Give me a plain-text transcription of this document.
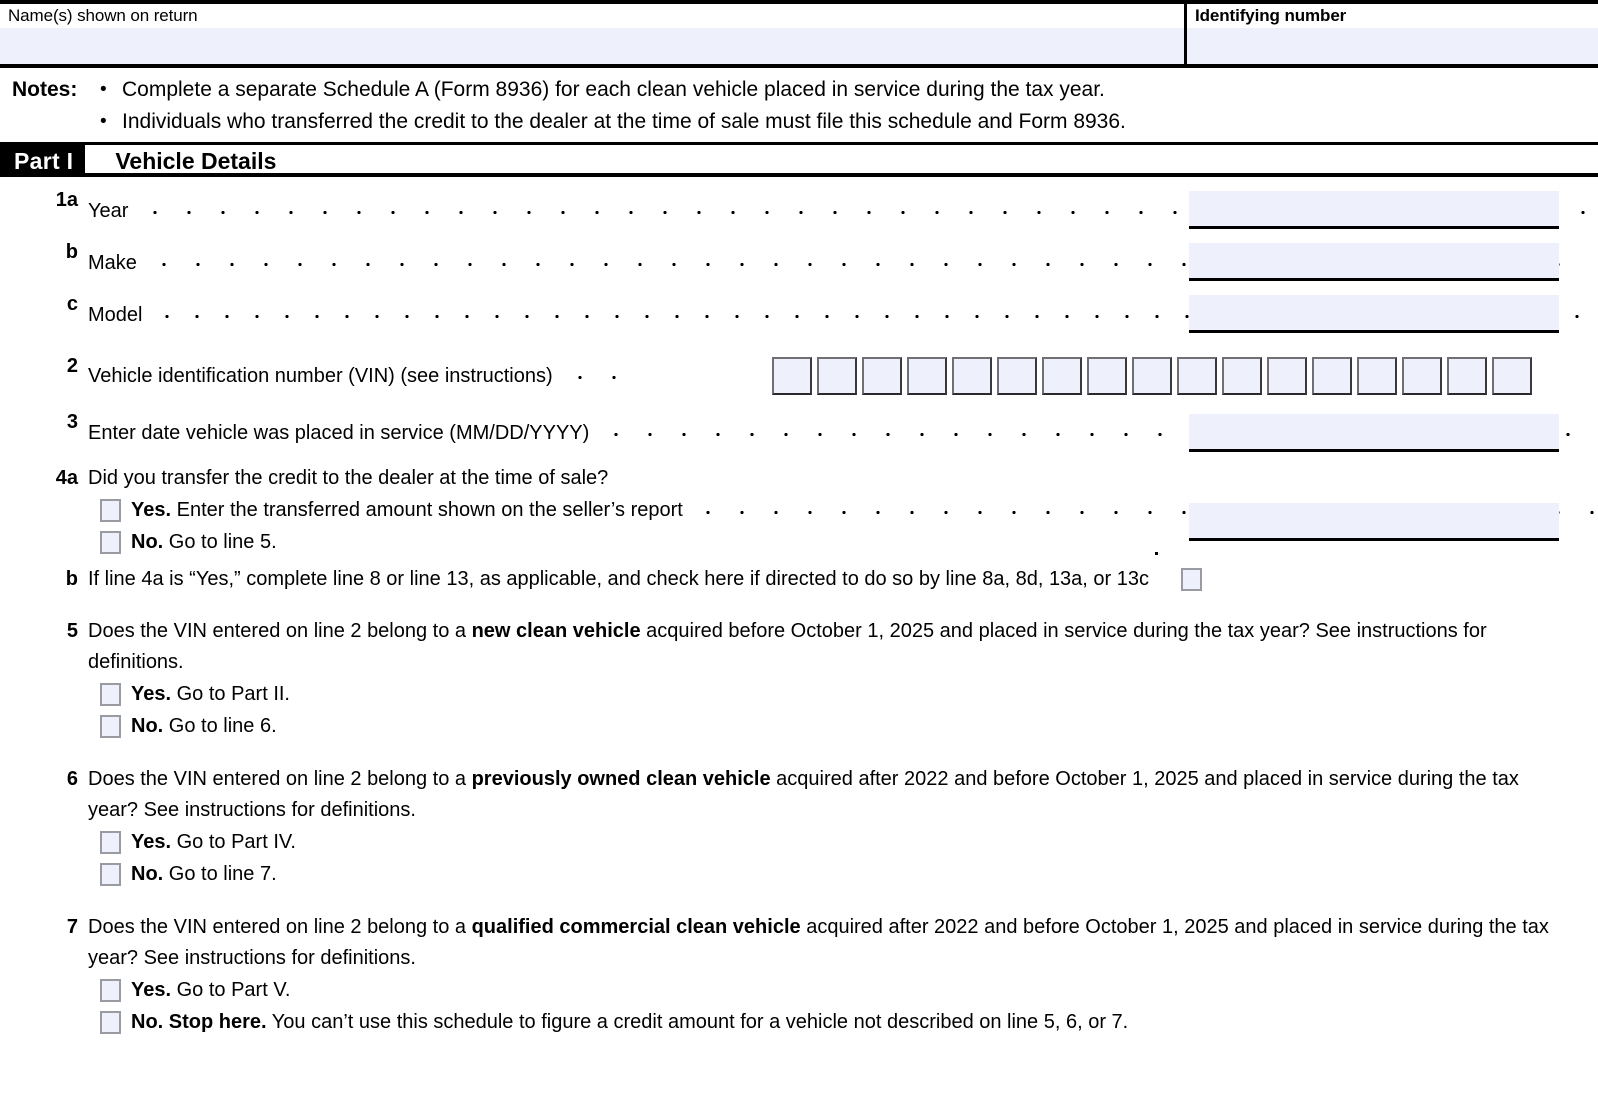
Name(s) shown on return	Identifying number
Notes:	• Complete a separate Schedule A (Form 8936) for each clean vehicle placed in service during the tax year.
• Individuals who transferred the credit to the dealer at the time of sale must file this schedule and Form 8936.
Part I	Vehicle Details
1a Year
b Make
c Model
2 Vehicle identification number (VIN) (see instructions)
3 Enter date vehicle was placed in service (MM/DD/YYYY)
4a Did you transfer the credit to the dealer at the time of sale?
Yes. Enter the transferred amount shown on the seller’s report
No. Go to line 5.
b If line 4a is “Yes,” complete line 8 or line 13, as applicable, and check here if directed to do so by line 8a, 8d, 13a, or 13c
5 Does the VIN entered on line 2 belong to a new clean vehicle acquired before October 1, 2025 and placed in service during the tax year? See instructions for definitions.
Yes. Go to Part II.
No. Go to line 6.
6 Does the VIN entered on line 2 belong to a previously owned clean vehicle acquired after 2022 and before October 1, 2025 and placed in service during the tax year? See instructions for definitions.
Yes. Go to Part IV.
No. Go to line 7.
7 Does the VIN entered on line 2 belong to a qualified commercial clean vehicle acquired after 2022 and before October 1, 2025 and placed in service during the tax year? See instructions for definitions.
Yes. Go to Part V.
No. Stop here. You can’t use this schedule to figure a credit amount for a vehicle not described on line 5, 6, or 7.
